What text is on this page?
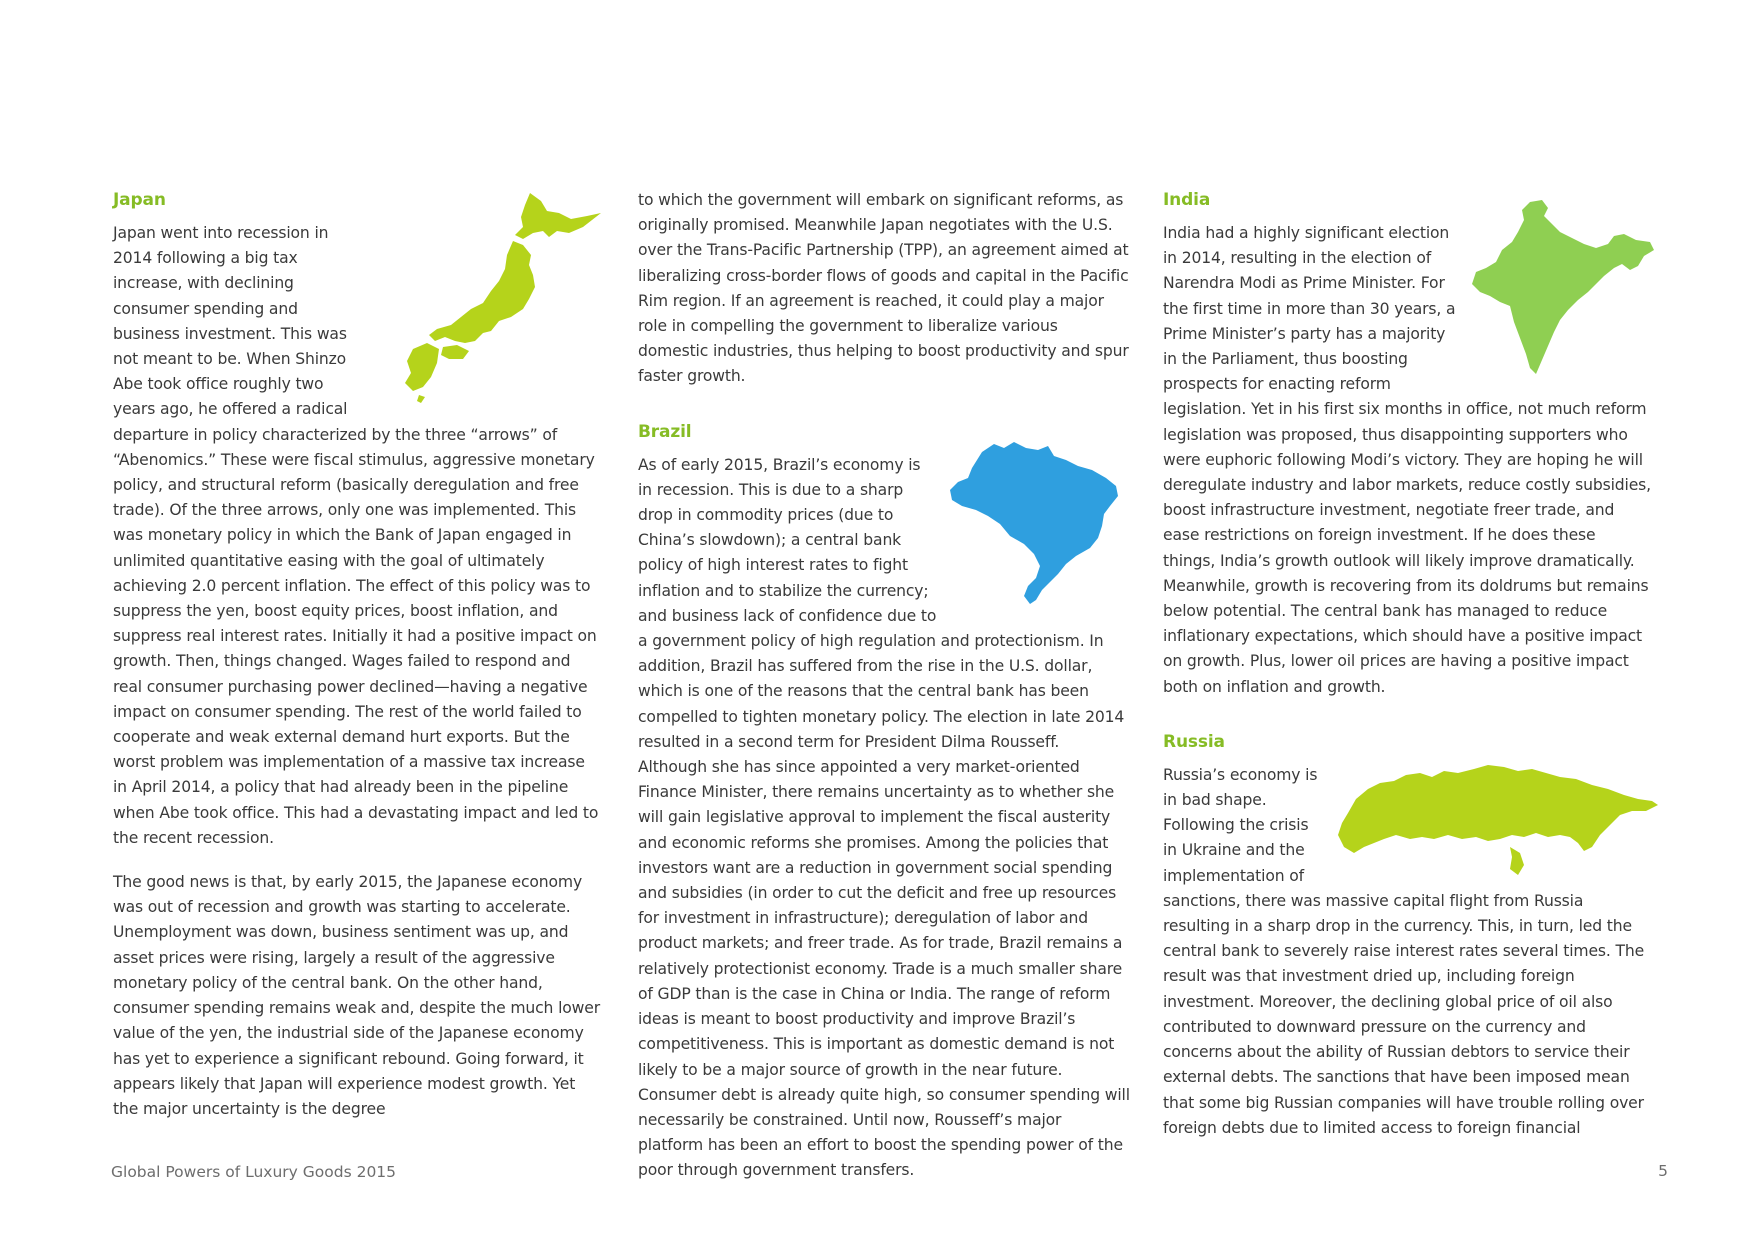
Japan

Japan went into recession in 2014 following a big tax increase, with declining consumer spending and business investment. This was not meant to be. When Shinzo Abe took office roughly two years ago, he offered a radical departure in policy characterized by the three “arrows” of “Abenomics.” These were fiscal stimulus, aggressive monetary policy, and structural reform (basically deregulation and free trade). Of the three arrows, only one was implemented. This was monetary policy in which the Bank of Japan engaged in unlimited quantitative easing with the goal of ultimately achieving 2.0 percent inflation. The effect of this policy was to suppress the yen, boost equity prices, boost inflation, and suppress real interest rates. Initially it had a positive impact on growth. Then, things changed. Wages failed to respond and real consumer purchasing power declined—having a negative impact on consumer spending. The rest of the world failed to cooperate and weak external demand hurt exports. But the worst problem was implementation of a massive tax increase in April 2014, a policy that had already been in the pipeline when Abe took office. This had a devastating impact and led to the recent recession.

The good news is that, by early 2015, the Japanese economy was out of recession and growth was starting to accelerate. Unemployment was down, business sentiment was up, and asset prices were rising, largely a result of the aggressive monetary policy of the central bank. On the other hand, consumer spending remains weak and, despite the much lower value of the yen, the industrial side of the Japanese economy has yet to experience a significant rebound. Going forward, it appears likely that Japan will experience modest growth. Yet the major uncertainty is the degree

to which the government will embark on significant reforms, as originally promised. Meanwhile Japan negotiates with the U.S. over the Trans-Pacific Partnership (TPP), an agreement aimed at liberalizing cross-border flows of goods and capital in the Pacific Rim region. If an agreement is reached, it could play a major role in compelling the government to liberalize various domestic industries, thus helping to boost productivity and spur faster growth.

Brazil

As of early 2015, Brazil’s economy is in recession. This is due to a sharp drop in commodity prices (due to China’s slowdown); a central bank policy of high interest rates to fight inflation and to stabilize the currency; and business lack of confidence due to a government policy of high regulation and protectionism. In addition, Brazil has suffered from the rise in the U.S. dollar, which is one of the reasons that the central bank has been compelled to tighten monetary policy. The election in late 2014 resulted in a second term for President Dilma Rousseff. Although she has since appointed a very market-oriented Finance Minister, there remains uncertainty as to whether she will gain legislative approval to implement the fiscal austerity and economic reforms she promises. Among the policies that investors want are a reduction in government social spending and subsidies (in order to cut the deficit and free up resources for investment in infrastructure); deregulation of labor and product markets; and freer trade. As for trade, Brazil remains a relatively protectionist economy. Trade is a much smaller share of GDP than is the case in China or India. The range of reform ideas is meant to boost productivity and improve Brazil’s competitiveness. This is important as domestic demand is not likely to be a major source of growth in the near future. Consumer debt is already quite high, so consumer spending will necessarily be constrained. Until now, Rousseff’s major platform has been an effort to boost the spending power of the poor through government transfers.

India

India had a highly significant election in 2014, resulting in the election of Narendra Modi as Prime Minister. For the first time in more than 30 years, a Prime Minister’s party has a majority in the Parliament, thus boosting prospects for enacting reform legislation. Yet in his first six months in office, not much reform legislation was proposed, thus disappointing supporters who were euphoric following Modi’s victory. They are hoping he will deregulate industry and labor markets, reduce costly subsidies, boost infrastructure investment, negotiate freer trade, and ease restrictions on foreign investment. If he does these things, India’s growth outlook will likely improve dramatically. Meanwhile, growth is recovering from its doldrums but remains below potential. The central bank has managed to reduce inflationary expectations, which should have a positive impact on growth. Plus, lower oil prices are having a positive impact both on inflation and growth.

Russia

Russia’s economy is in bad shape. Following the crisis in Ukraine and the implementation of sanctions, there was massive capital flight from Russia resulting in a sharp drop in the currency. This, in turn, led the central bank to severely raise interest rates several times. The result was that investment dried up, including foreign investment. Moreover, the declining global price of oil also contributed to downward pressure on the currency and concerns about the ability of Russian debtors to service their external debts. The sanctions that have been imposed mean that some big Russian companies will have trouble rolling over foreign debts due to limited access to foreign financial

Global Powers of Luxury Goods 2015	5
